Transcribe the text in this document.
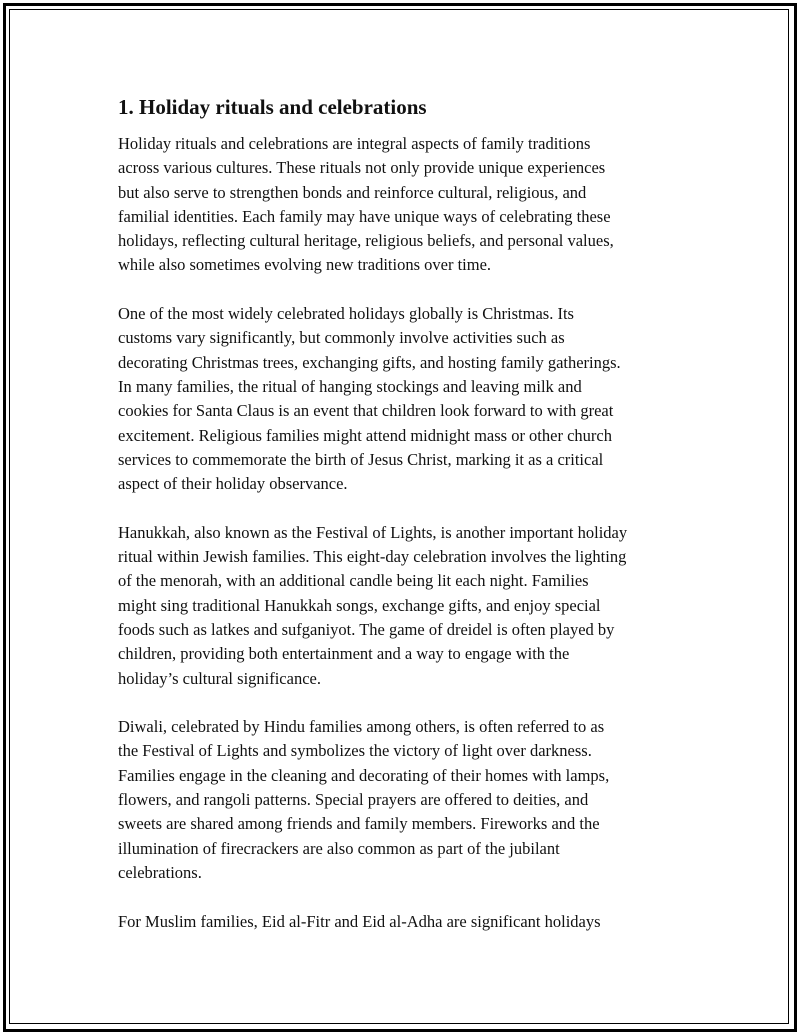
1. Holiday rituals and celebrations

Holiday rituals and celebrations are integral aspects of family traditions
across various cultures. These rituals not only provide unique experiences
but also serve to strengthen bonds and reinforce cultural, religious, and
familial identities. Each family may have unique ways of celebrating these
holidays, reflecting cultural heritage, religious beliefs, and personal values,
while also sometimes evolving new traditions over time.

One of the most widely celebrated holidays globally is Christmas. Its
customs vary significantly, but commonly involve activities such as
decorating Christmas trees, exchanging gifts, and hosting family gatherings.
In many families, the ritual of hanging stockings and leaving milk and
cookies for Santa Claus is an event that children look forward to with great
excitement. Religious families might attend midnight mass or other church
services to commemorate the birth of Jesus Christ, marking it as a critical
aspect of their holiday observance.

Hanukkah, also known as the Festival of Lights, is another important holiday
ritual within Jewish families. This eight-day celebration involves the lighting
of the menorah, with an additional candle being lit each night. Families
might sing traditional Hanukkah songs, exchange gifts, and enjoy special
foods such as latkes and sufganiyot. The game of dreidel is often played by
children, providing both entertainment and a way to engage with the
holiday’s cultural significance.

Diwali, celebrated by Hindu families among others, is often referred to as
the Festival of Lights and symbolizes the victory of light over darkness.
Families engage in the cleaning and decorating of their homes with lamps,
flowers, and rangoli patterns. Special prayers are offered to deities, and
sweets are shared among friends and family members. Fireworks and the
illumination of firecrackers are also common as part of the jubilant
celebrations.

For Muslim families, Eid al-Fitr and Eid al-Adha are significant holidays
